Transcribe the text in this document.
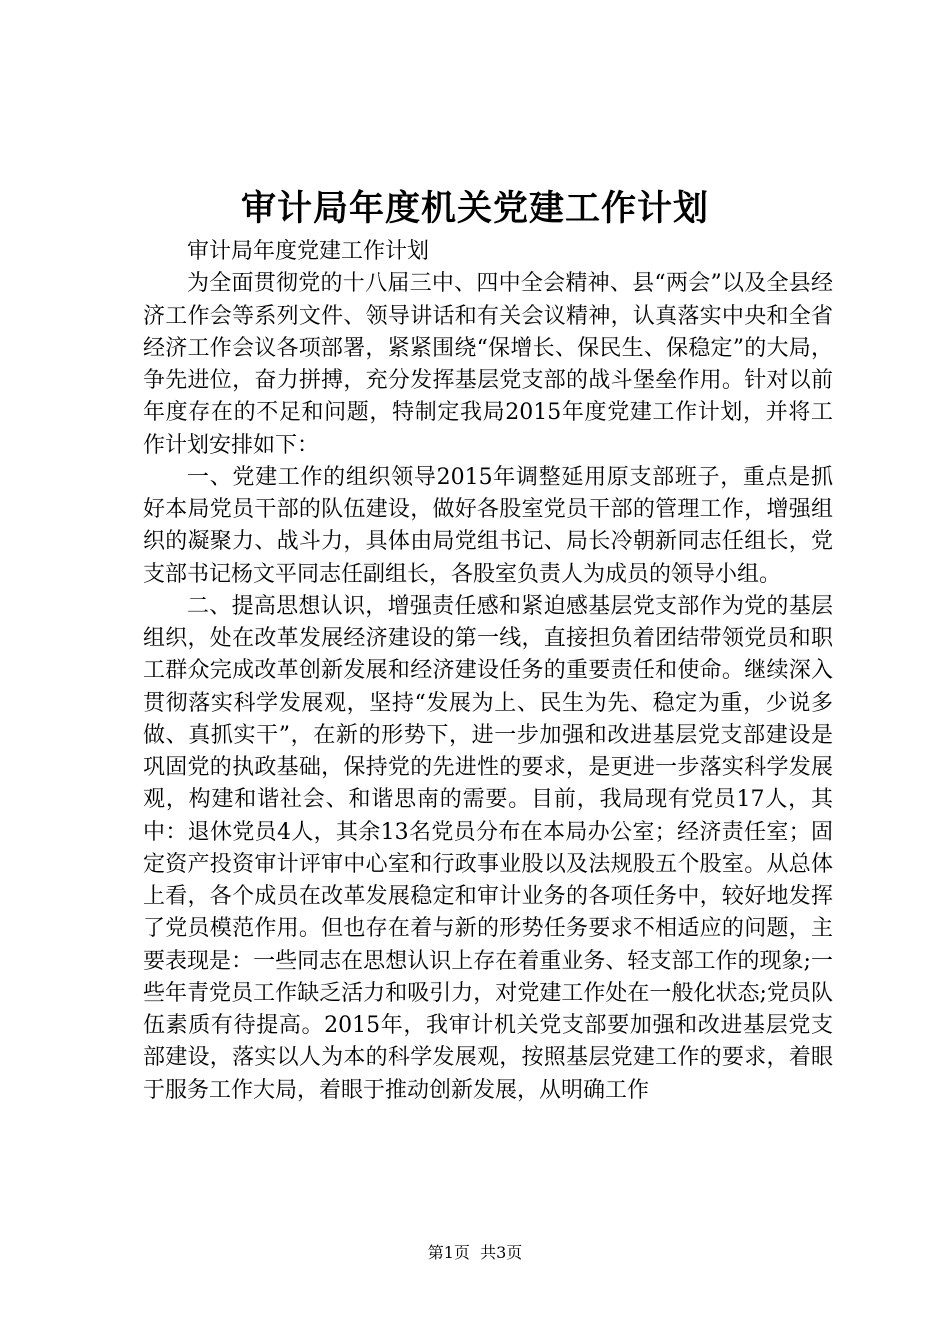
审计局年度机关党建工作计划

审计局年度党建工作计划

为全面贯彻党的十八届三中、四中全会精神、县“两会”以及全县经济工作会等系列文件、领导讲话和有关会议精神，认真落实中央和全省经济工作会议各项部署，紧紧围绕“保增长、保民生、保稳定”的大局，争先进位，奋力拼搏，充分发挥基层党支部的战斗堡垒作用。针对以前年度存在的不足和问题，特制定我局2015年度党建工作计划，并将工作计划安排如下：

一、党建工作的组织领导2015年调整延用原支部班子，重点是抓好本局党员干部的队伍建设，做好各股室党员干部的管理工作，增强组织的凝聚力、战斗力，具体由局党组书记、局长冷朝新同志任组长，党支部书记杨文平同志任副组长，各股室负责人为成员的领导小组。

二、提高思想认识，增强责任感和紧迫感基层党支部作为党的基层组织，处在改革发展经济建设的第一线，直接担负着团结带领党员和职工群众完成改革创新发展和经济建设任务的重要责任和使命。继续深入贯彻落实科学发展观，坚持“发展为上、民生为先、稳定为重，少说多做、真抓实干”，在新的形势下，进一步加强和改进基层党支部建设是巩固党的执政基础，保持党的先进性的要求，是更进一步落实科学发展观，构建和谐社会、和谐思南的需要。目前，我局现有党员17人，其中：退休党员4人，其余13名党员分布在本局办公室；经济责任室；固定资产投资审计评审中心室和行政事业股以及法规股五个股室。从总体上看，各个成员在改革发展稳定和审计业务的各项任务中，较好地发挥了党员模范作用。但也存在着与新的形势任务要求不相适应的问题，主要表现是：一些同志在思想认识上存在着重业务、轻支部工作的现象;一些年青党员工作缺乏活力和吸引力，对党建工作处在一般化状态;党员队伍素质有待提高。2015年，我审计机关党支部要加强和改进基层党支部建设，落实以人为本的科学发展观，按照基层党建工作的要求，着眼于服务工作大局，着眼于推动创新发展，从明确工作

第1页 共3页
